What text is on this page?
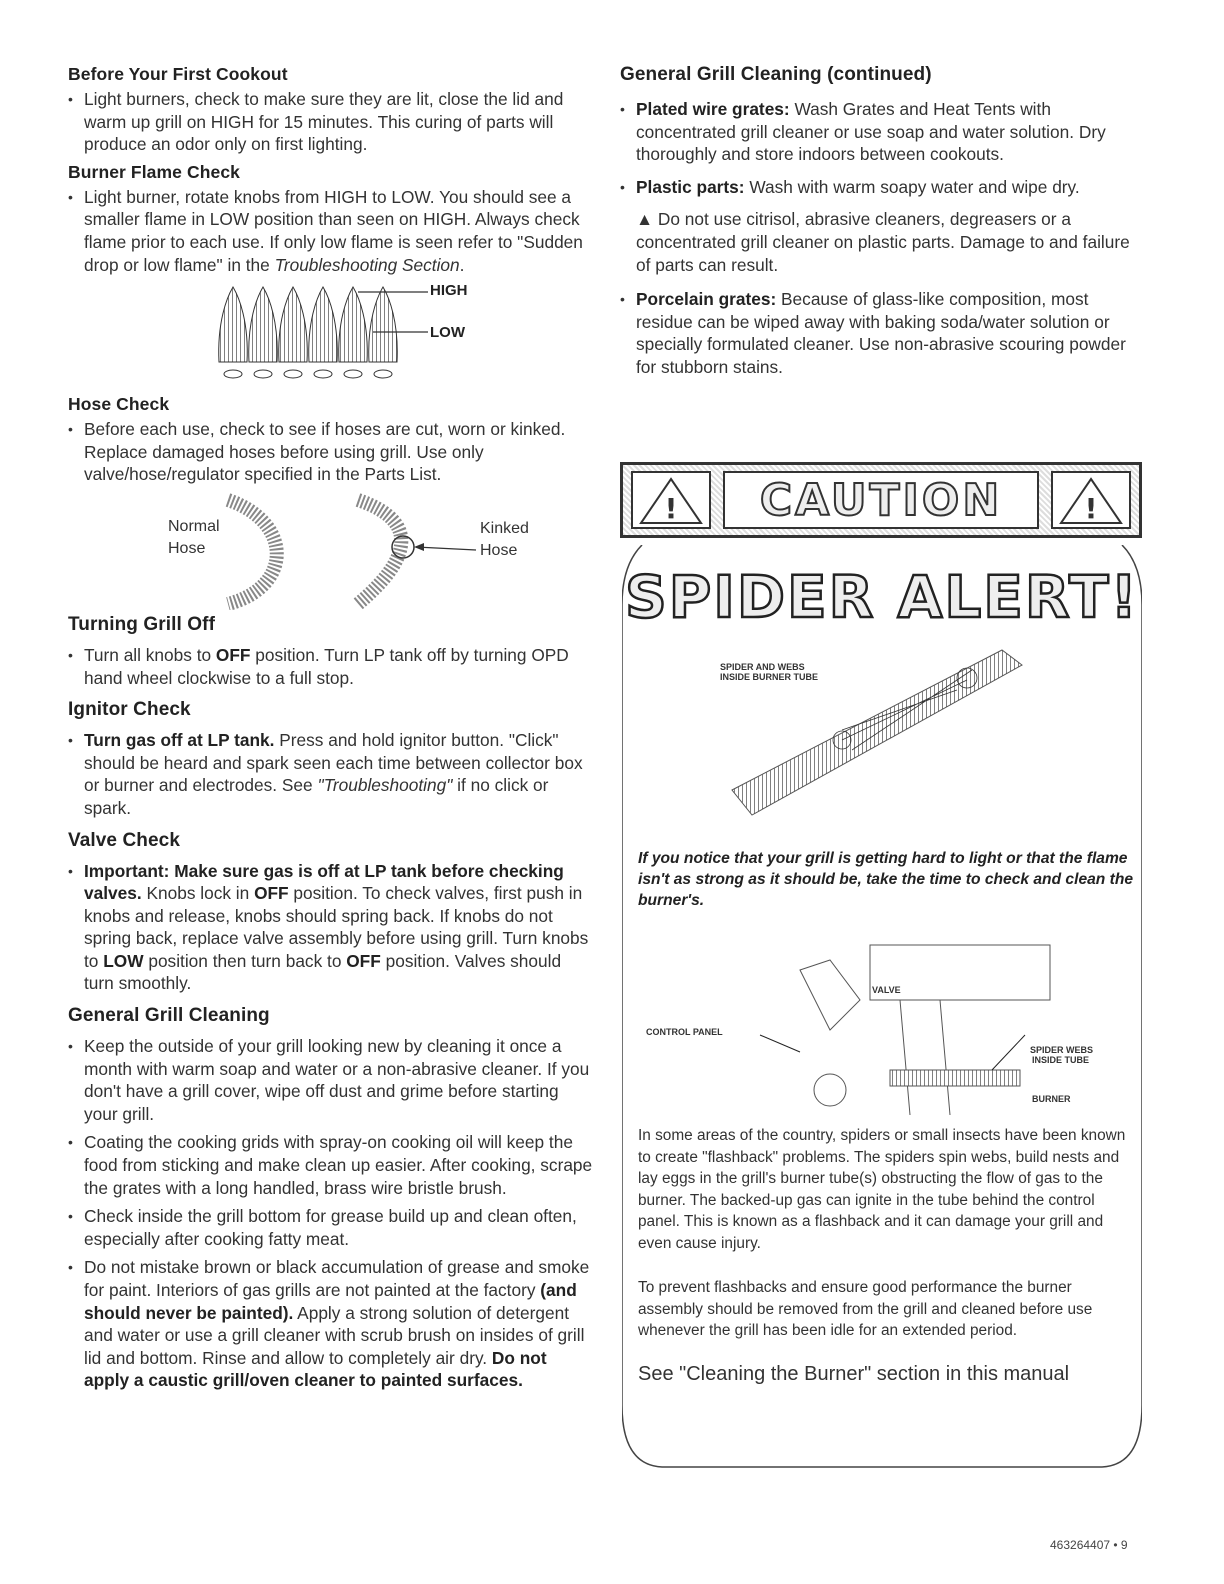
Before Your First Cookout

• Light burners, check to make sure they are lit, close the lid and warm up grill on HIGH for 15 minutes. This curing of parts will produce an odor only on first lighting.

Burner Flame Check

• Light burner, rotate knobs from HIGH to LOW. You should see a smaller flame in LOW position than seen on HIGH. Always check flame prior to each use. If only low flame is seen refer to "Sudden drop or low flame" in the Troubleshooting Section.

HIGH
LOW
Hose Check

• Before each use, check to see if hoses are cut, worn or kinked. Replace damaged hoses before using grill. Use only valve/hose/regulator specified in the Parts List.

Normal
Hose
Kinked
Hose
Turning Grill Off

• Turn all knobs to OFF position. Turn LP tank off by turning OPD hand wheel clockwise to a full stop.

Ignitor Check

• Turn gas off at LP tank. Press and hold ignitor button. "Click" should be heard and spark seen each time between collector box or burner and electrodes. See "Troubleshooting" if no click or spark.

Valve Check

• Important: Make sure gas is off at LP tank before checking valves. Knobs lock in OFF position. To check valves, first push in knobs and release, knobs should spring back. If knobs do not spring back, replace valve assembly before using grill. Turn knobs to LOW position then turn back to OFF position. Valves should turn smoothly.

General Grill Cleaning

• Keep the outside of your grill looking new by cleaning it once a month with warm soap and water or a non-abrasive cleaner. If you don't have a grill cover, wipe off dust and grime before starting your grill.

• Coating the cooking grids with spray-on cooking oil will keep the food from sticking and make clean up easier. After cooking, scrape the grates with a long handled, brass wire bristle brush.

• Check inside the grill bottom for grease build up and clean often, especially after cooking fatty meat.

• Do not mistake brown or black accumulation of grease and smoke for paint. Interiors of gas grills are not painted at the factory (and should never be painted). Apply a strong solution of detergent and water or use a grill cleaner with scrub brush on insides of grill lid and bottom. Rinse and allow to completely air dry. Do not apply a caustic grill/oven cleaner to painted surfaces.

General Grill Cleaning (continued)

• Plated wire grates: Wash Grates and Heat Tents with concentrated grill cleaner or use soap and water solution. Dry thoroughly and store indoors between cookouts.

• Plastic parts: Wash with warm soapy water and wipe dry.

▲ Do not use citrisol, abrasive cleaners, degreasers or a concentrated grill cleaner on plastic parts. Damage to and failure of parts can result.

• Porcelain grates: Because of glass-like composition, most residue can be wiped away with baking soda/water solution or specially formulated cleaner. Use non-abrasive scouring powder for stubborn stains.

! CAUTION	!
SPIDER ALERT!
SPIDER AND WEBS
INSIDE BURNER TUBE

If you notice that your grill is getting hard to light or that the flame isn't as strong as it should be, take the time to check and clean the burner's.

CONTROL PANEL
VALVE
SPIDER WEBS
INSIDE TUBE
BURNER

In some areas of the country, spiders or small insects have been known to create "flashback" problems. The spiders spin webs, build nests and lay eggs in the grill's burner tube(s) obstructing the flow of gas to the burner. The backed-up gas can ignite in the tube behind the control panel. This is known as a flashback and it can damage your grill and even cause injury.

To prevent flashbacks and ensure good performance the burner assembly should be removed from the grill and cleaned before use whenever the grill has been idle for an extended period.

See "Cleaning the Burner" section in this manual

463264407 • 9
